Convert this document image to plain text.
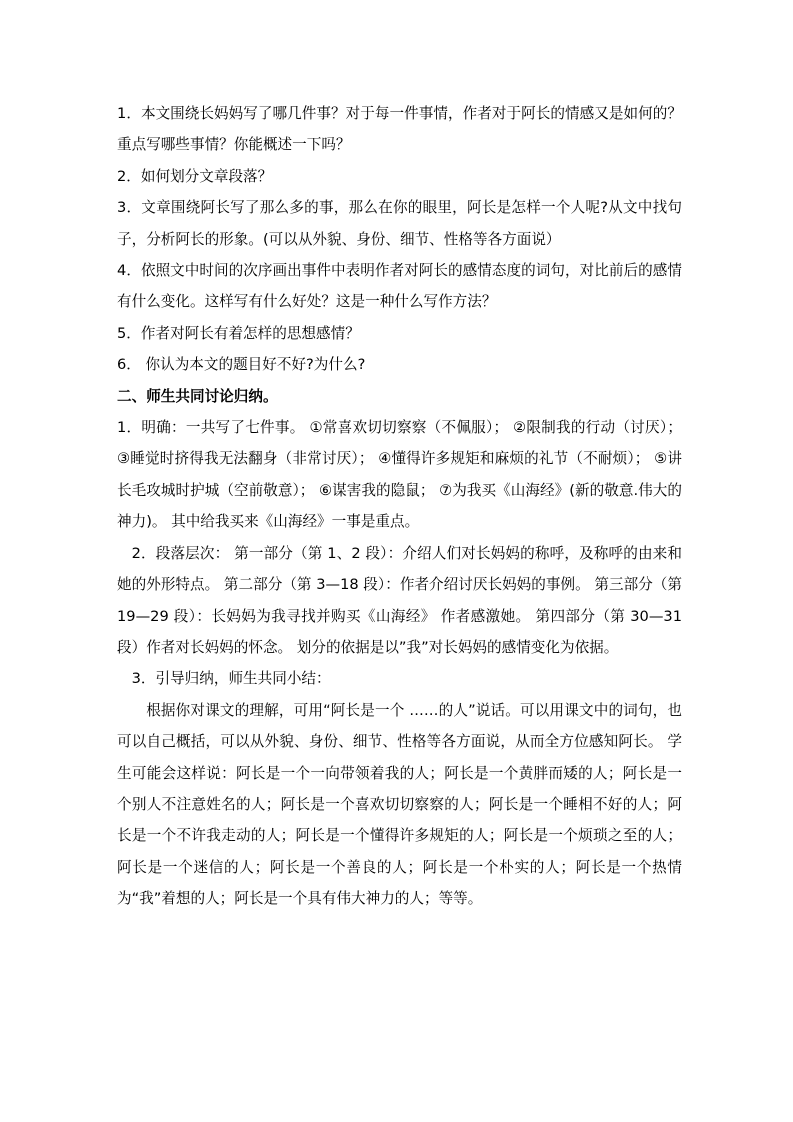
1．本文围绕长妈妈写了哪几件事？对于每一件事情，作者对于阿长的情感又是如何的？重点写哪些事情？你能概述一下吗？

2．如何划分文章段落？

3．文章围绕阿长写了那么多的事，那么在你的眼里，阿长是怎样一个人呢?从文中找句子，分析阿长的形象。(可以从外貌、身份、细节、性格等各方面说）

4．依照文中时间的次序画出事件中表明作者对阿长的感情态度的词句，对比前后的感情有什么变化。这样写有什么好处？这是一种什么写作方法？

5．作者对阿长有着怎样的思想感情？

6． 你认为本文的题目好不好?为什么?

二、师生共同讨论归纳。

1．明确：一共写了七件事。 ①常喜欢切切察察（不佩服）； ②限制我的行动（讨厌）； ③睡觉时挤得我无法翻身（非常讨厌）； ④懂得许多规矩和麻烦的礼节（不耐烦）； ⑤讲长毛攻城时护城（空前敬意）； ⑥谋害我的隐鼠； ⑦为我买《山海经》(新的敬意.伟大的神力)。 其中给我买来《山海经》一事是重点。

2．段落层次： 第一部分（第 1、2 段）：介绍人们对长妈妈的称呼，及称呼的由来和她的外形特点。 第二部分（第 3—18 段）：作者介绍讨厌长妈妈的事例。 第三部分（第 19—29 段）：长妈妈为我寻找并购买《山海经》 作者感激她。 第四部分（第 30—31 段）作者对长妈妈的怀念。 划分的依据是以”我”对长妈妈的感情变化为依据。

3．引导归纳，师生共同小结：

根据你对课文的理解，可用“阿长是一个 ……的人”说话。可以用课文中的词句，也可以自己概括，可以从外貌、身份、细节、性格等各方面说，从而全方位感知阿长。 学生可能会这样说：阿长是一个一向带领着我的人；阿长是一个黄胖而矮的人；阿长是一个别人不注意姓名的人；阿长是一个喜欢切切察察的人；阿长是一个睡相不好的人；阿长是一个不许我走动的人；阿长是一个懂得许多规矩的人；阿长是一个烦琐之至的人；阿长是一个迷信的人；阿长是一个善良的人；阿长是一个朴实的人；阿长是一个热情为“我”着想的人；阿长是一个具有伟大神力的人；等等。
